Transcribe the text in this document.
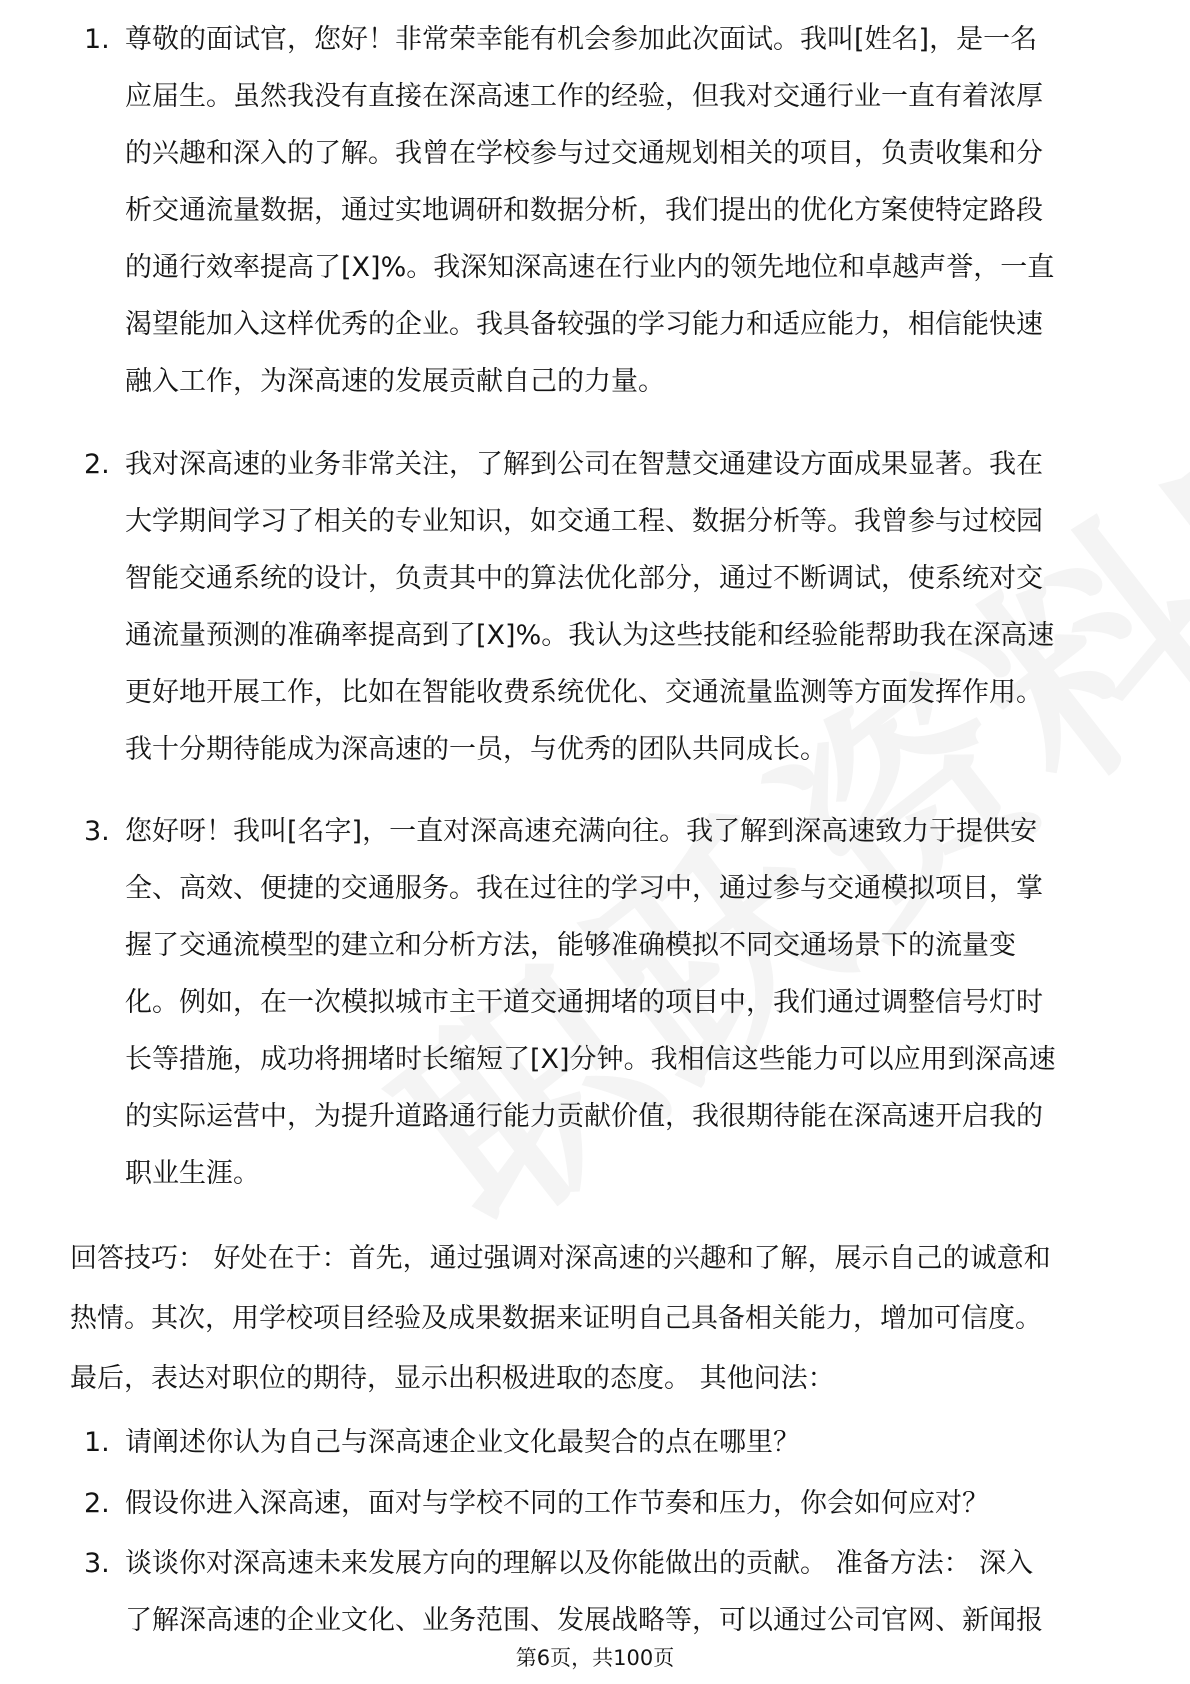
1. 尊敬的面试官，您好！非常荣幸能有机会参加此次面试。我叫[姓名]，是一名
应届生。虽然我没有直接在深高速工作的经验，但我对交通行业一直有着浓厚
的兴趣和深入的了解。我曾在学校参与过交通规划相关的项目，负责收集和分
析交通流量数据，通过实地调研和数据分析，我们提出的优化方案使特定路段
的通行效率提高了[X]%。我深知深高速在行业内的领先地位和卓越声誉，一直
渴望能加入这样优秀的企业。我具备较强的学习能力和适应能力，相信能快速
融入工作，为深高速的发展贡献自己的力量。
2. 我对深高速的业务非常关注，了解到公司在智慧交通建设方面成果显著。我在
大学期间学习了相关的专业知识，如交通工程、数据分析等。我曾参与过校园
智能交通系统的设计，负责其中的算法优化部分，通过不断调试，使系统对交
通流量预测的准确率提高到了[X]%。我认为这些技能和经验能帮助我在深高速
更好地开展工作，比如在智能收费系统优化、交通流量监测等方面发挥作用。
我十分期待能成为深高速的一员，与优秀的团队共同成长。
3. 您好呀！我叫[名字]，一直对深高速充满向往。我了解到深高速致力于提供安
全、高效、便捷的交通服务。我在过往的学习中，通过参与交通模拟项目，掌
握了交通流模型的建立和分析方法，能够准确模拟不同交通场景下的流量变
化。例如，在一次模拟城市主干道交通拥堵的项目中，我们通过调整信号灯时
长等措施，成功将拥堵时长缩短了[X]分钟。我相信这些能力可以应用到深高速
的实际运营中，为提升道路通行能力贡献价值，我很期待能在深高速开启我的
职业生涯。
回答技巧： 好处在于：首先，通过强调对深高速的兴趣和了解，展示自己的诚意和
热情。其次，用学校项目经验及成果数据来证明自己具备相关能力，增加可信度。
最后，表达对职位的期待，显示出积极进取的态度。 其他问法：
1. 请阐述你认为自己与深高速企业文化最契合的点在哪里？
2. 假设你进入深高速，面对与学校不同的工作节奏和压力，你会如何应对？
3. 谈谈你对深高速未来发展方向的理解以及你能做出的贡献。 准备方法： 深入
了解深高速的企业文化、业务范围、发展战略等，可以通过公司官网、新闻报
第6页，共100页
